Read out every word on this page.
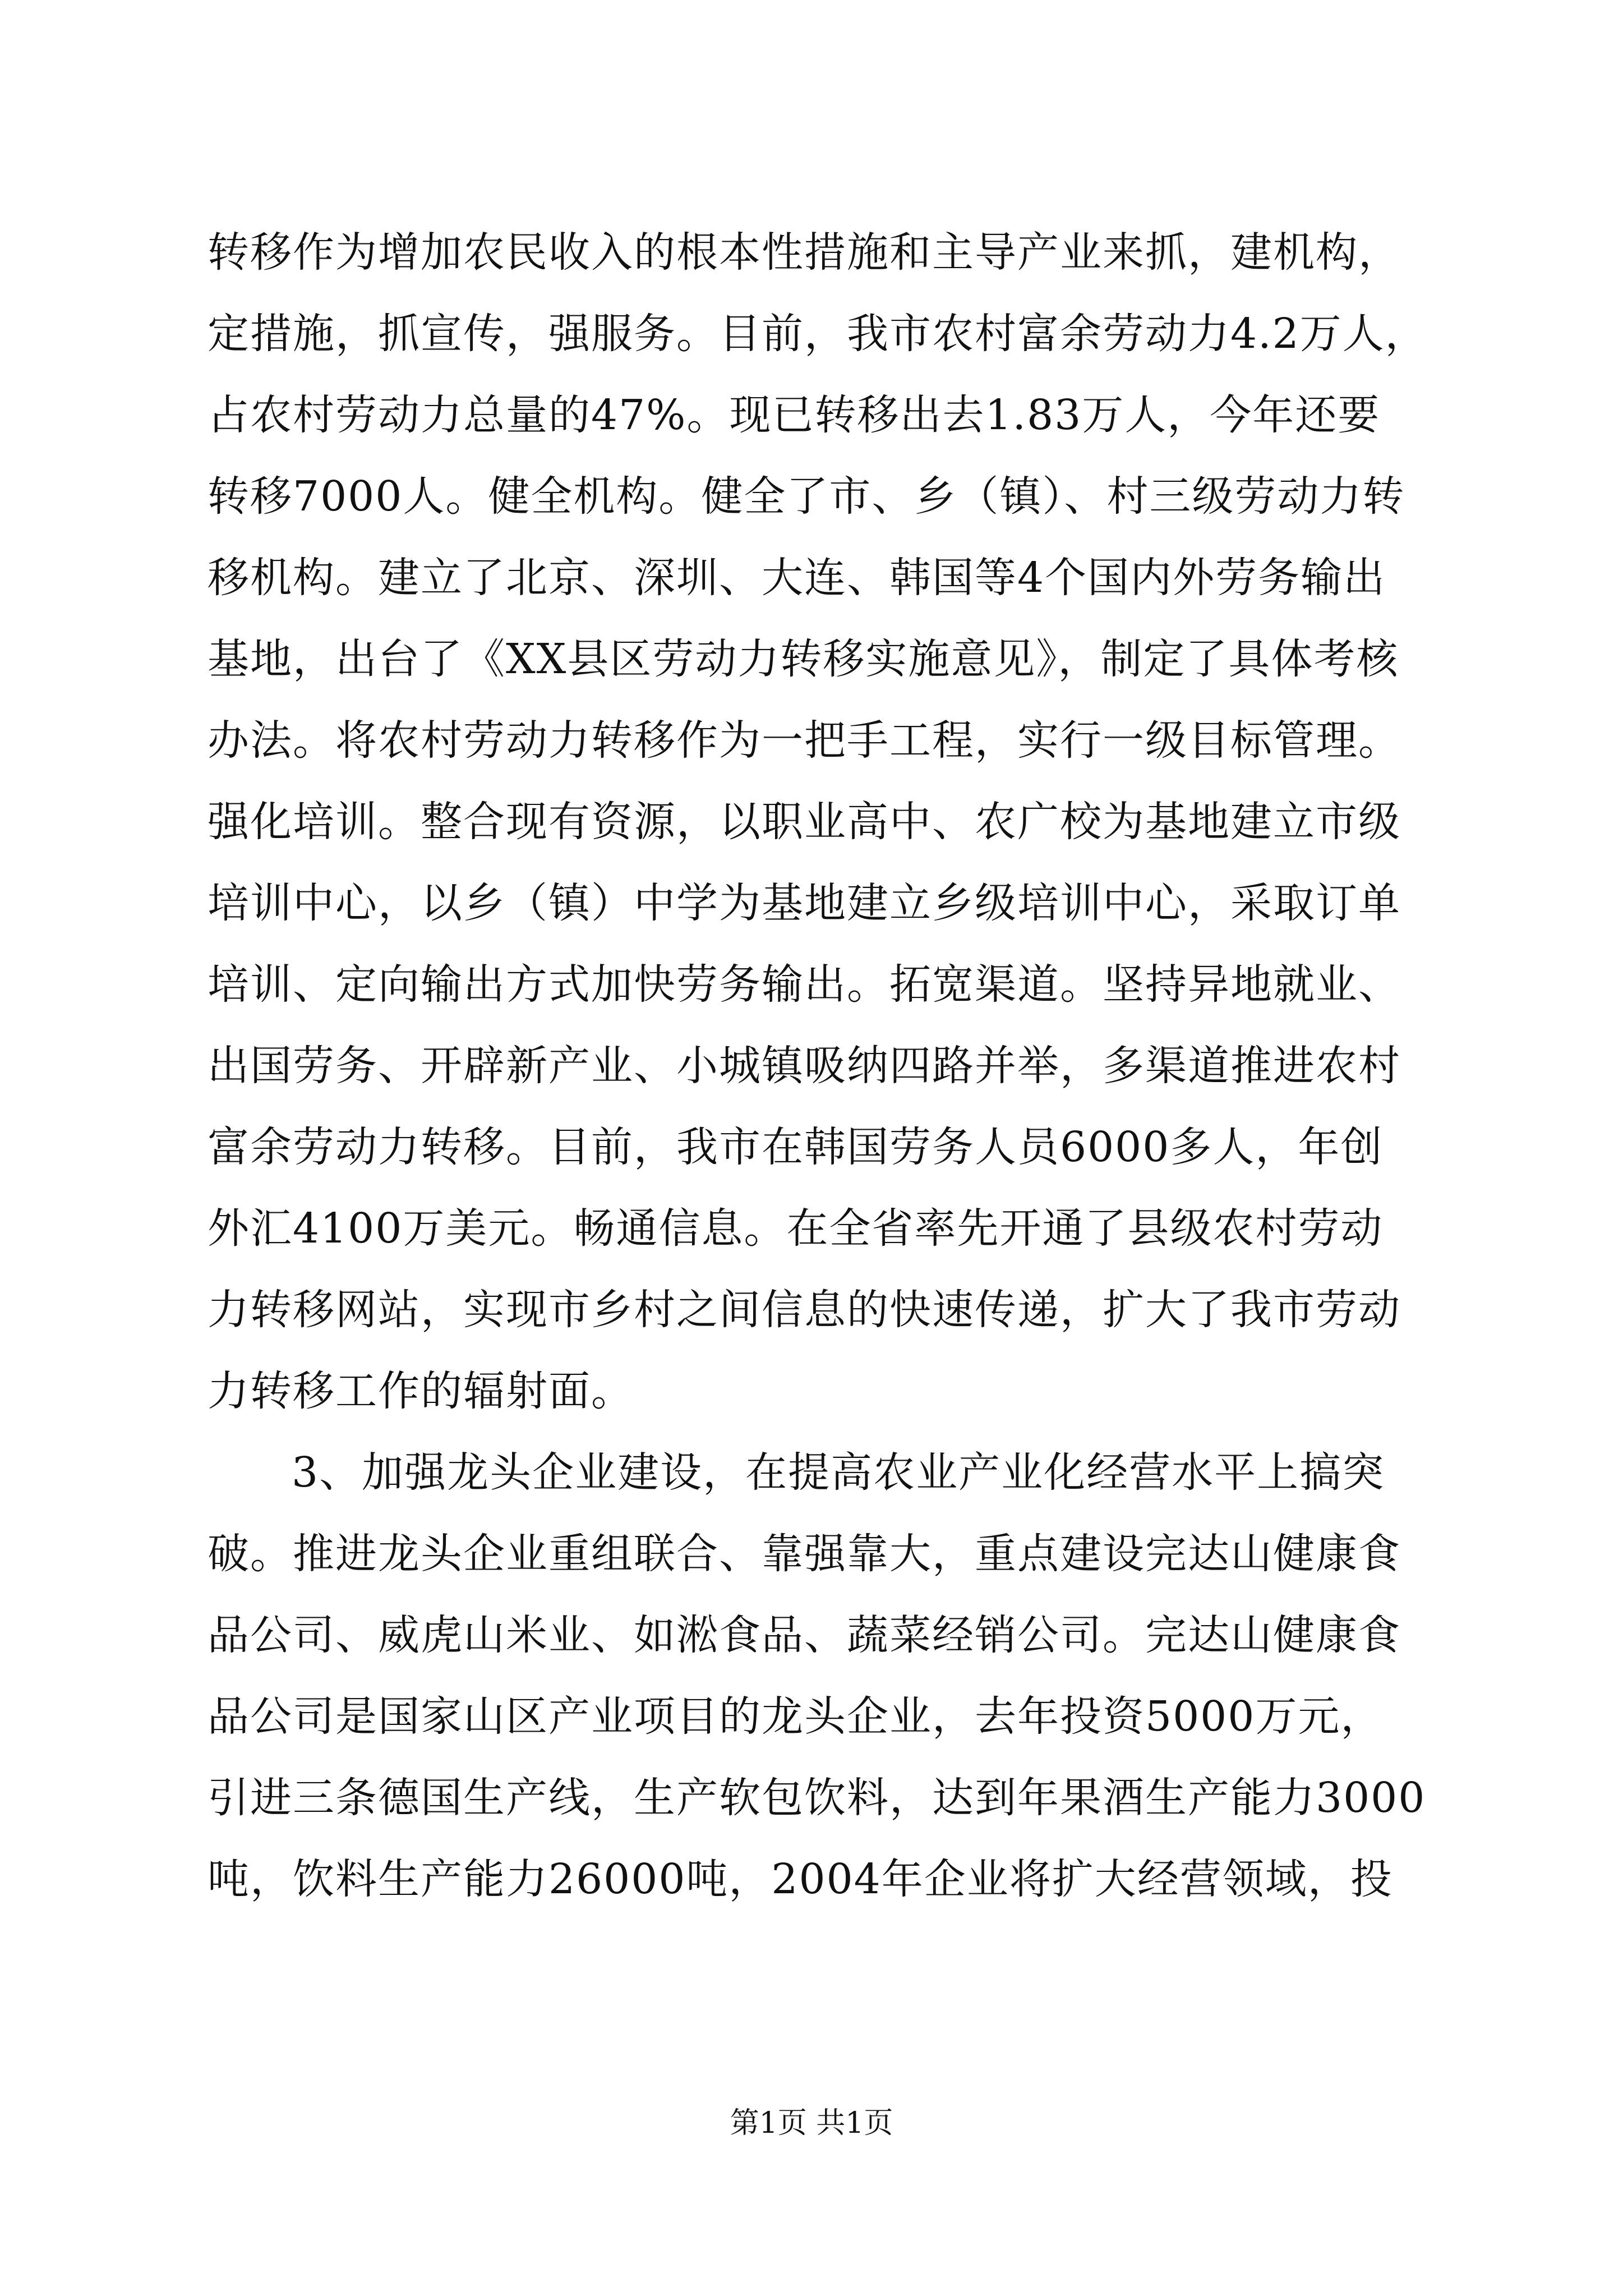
转移作为增加农民收入的根本性措施和主导产业来抓，建机构，
定措施，抓宣传，强服务。目前，我市农村富余劳动力4.2万人，
占农村劳动力总量的47%。现已转移出去1.83万人，今年还要
转移7000人。健全机构。健全了市、乡（镇）、村三级劳动力转
移机构。建立了北京、深圳、大连、韩国等4个国内外劳务输出
基地，出台了《XX县区劳动力转移实施意见》，制定了具体考核
办法。将农村劳动力转移作为一把手工程，实行一级目标管理。
强化培训。整合现有资源，以职业高中、农广校为基地建立市级
培训中心，以乡（镇）中学为基地建立乡级培训中心，采取订单
培训、定向输出方式加快劳务输出。拓宽渠道。坚持异地就业、
出国劳务、开辟新产业、小城镇吸纳四路并举，多渠道推进农村
富余劳动力转移。目前，我市在韩国劳务人员6000多人，年创
外汇4100万美元。畅通信息。在全省率先开通了县级农村劳动
力转移网站，实现市乡村之间信息的快速传递，扩大了我市劳动
力转移工作的辐射面。

3、加强龙头企业建设，在提高农业产业化经营水平上搞突
破。推进龙头企业重组联合、靠强靠大，重点建设完达山健康食
品公司、威虎山米业、如淞食品、蔬菜经销公司。完达山健康食
品公司是国家山区产业项目的龙头企业，去年投资5000万元，
引进三条德国生产线，生产软包饮料，达到年果酒生产能力3000
吨，饮料生产能力26000吨，2004年企业将扩大经营领域，投

第1页 共1页
